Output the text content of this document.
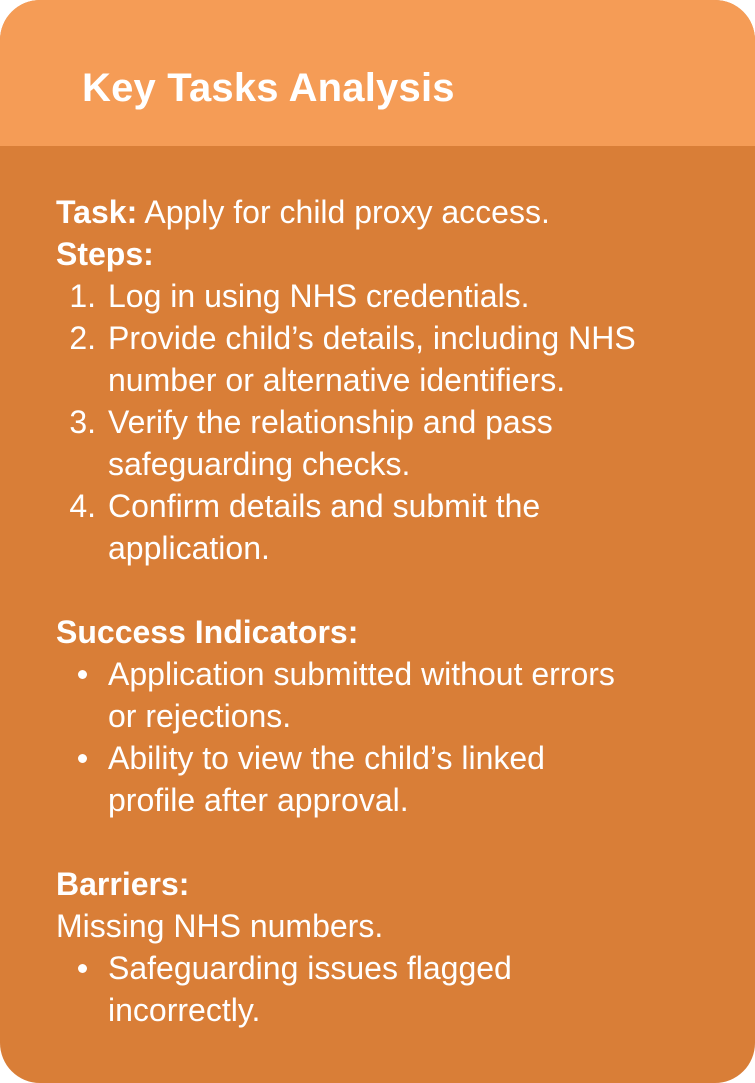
Key Tasks Analysis

Task: Apply for child proxy access.

Steps:

1. Log in using NHS credentials.
2. Provide child’s details, including NHS
number or alternative identifiers.
3. Verify the relationship and pass
safeguarding checks.
4. Confirm details and submit the
application.

Success Indicators:

Application submitted without errors
or rejections.
Ability to view the child’s linked
profile after approval.

Barriers:

Missing NHS numbers.

Safeguarding issues flagged
incorrectly.
